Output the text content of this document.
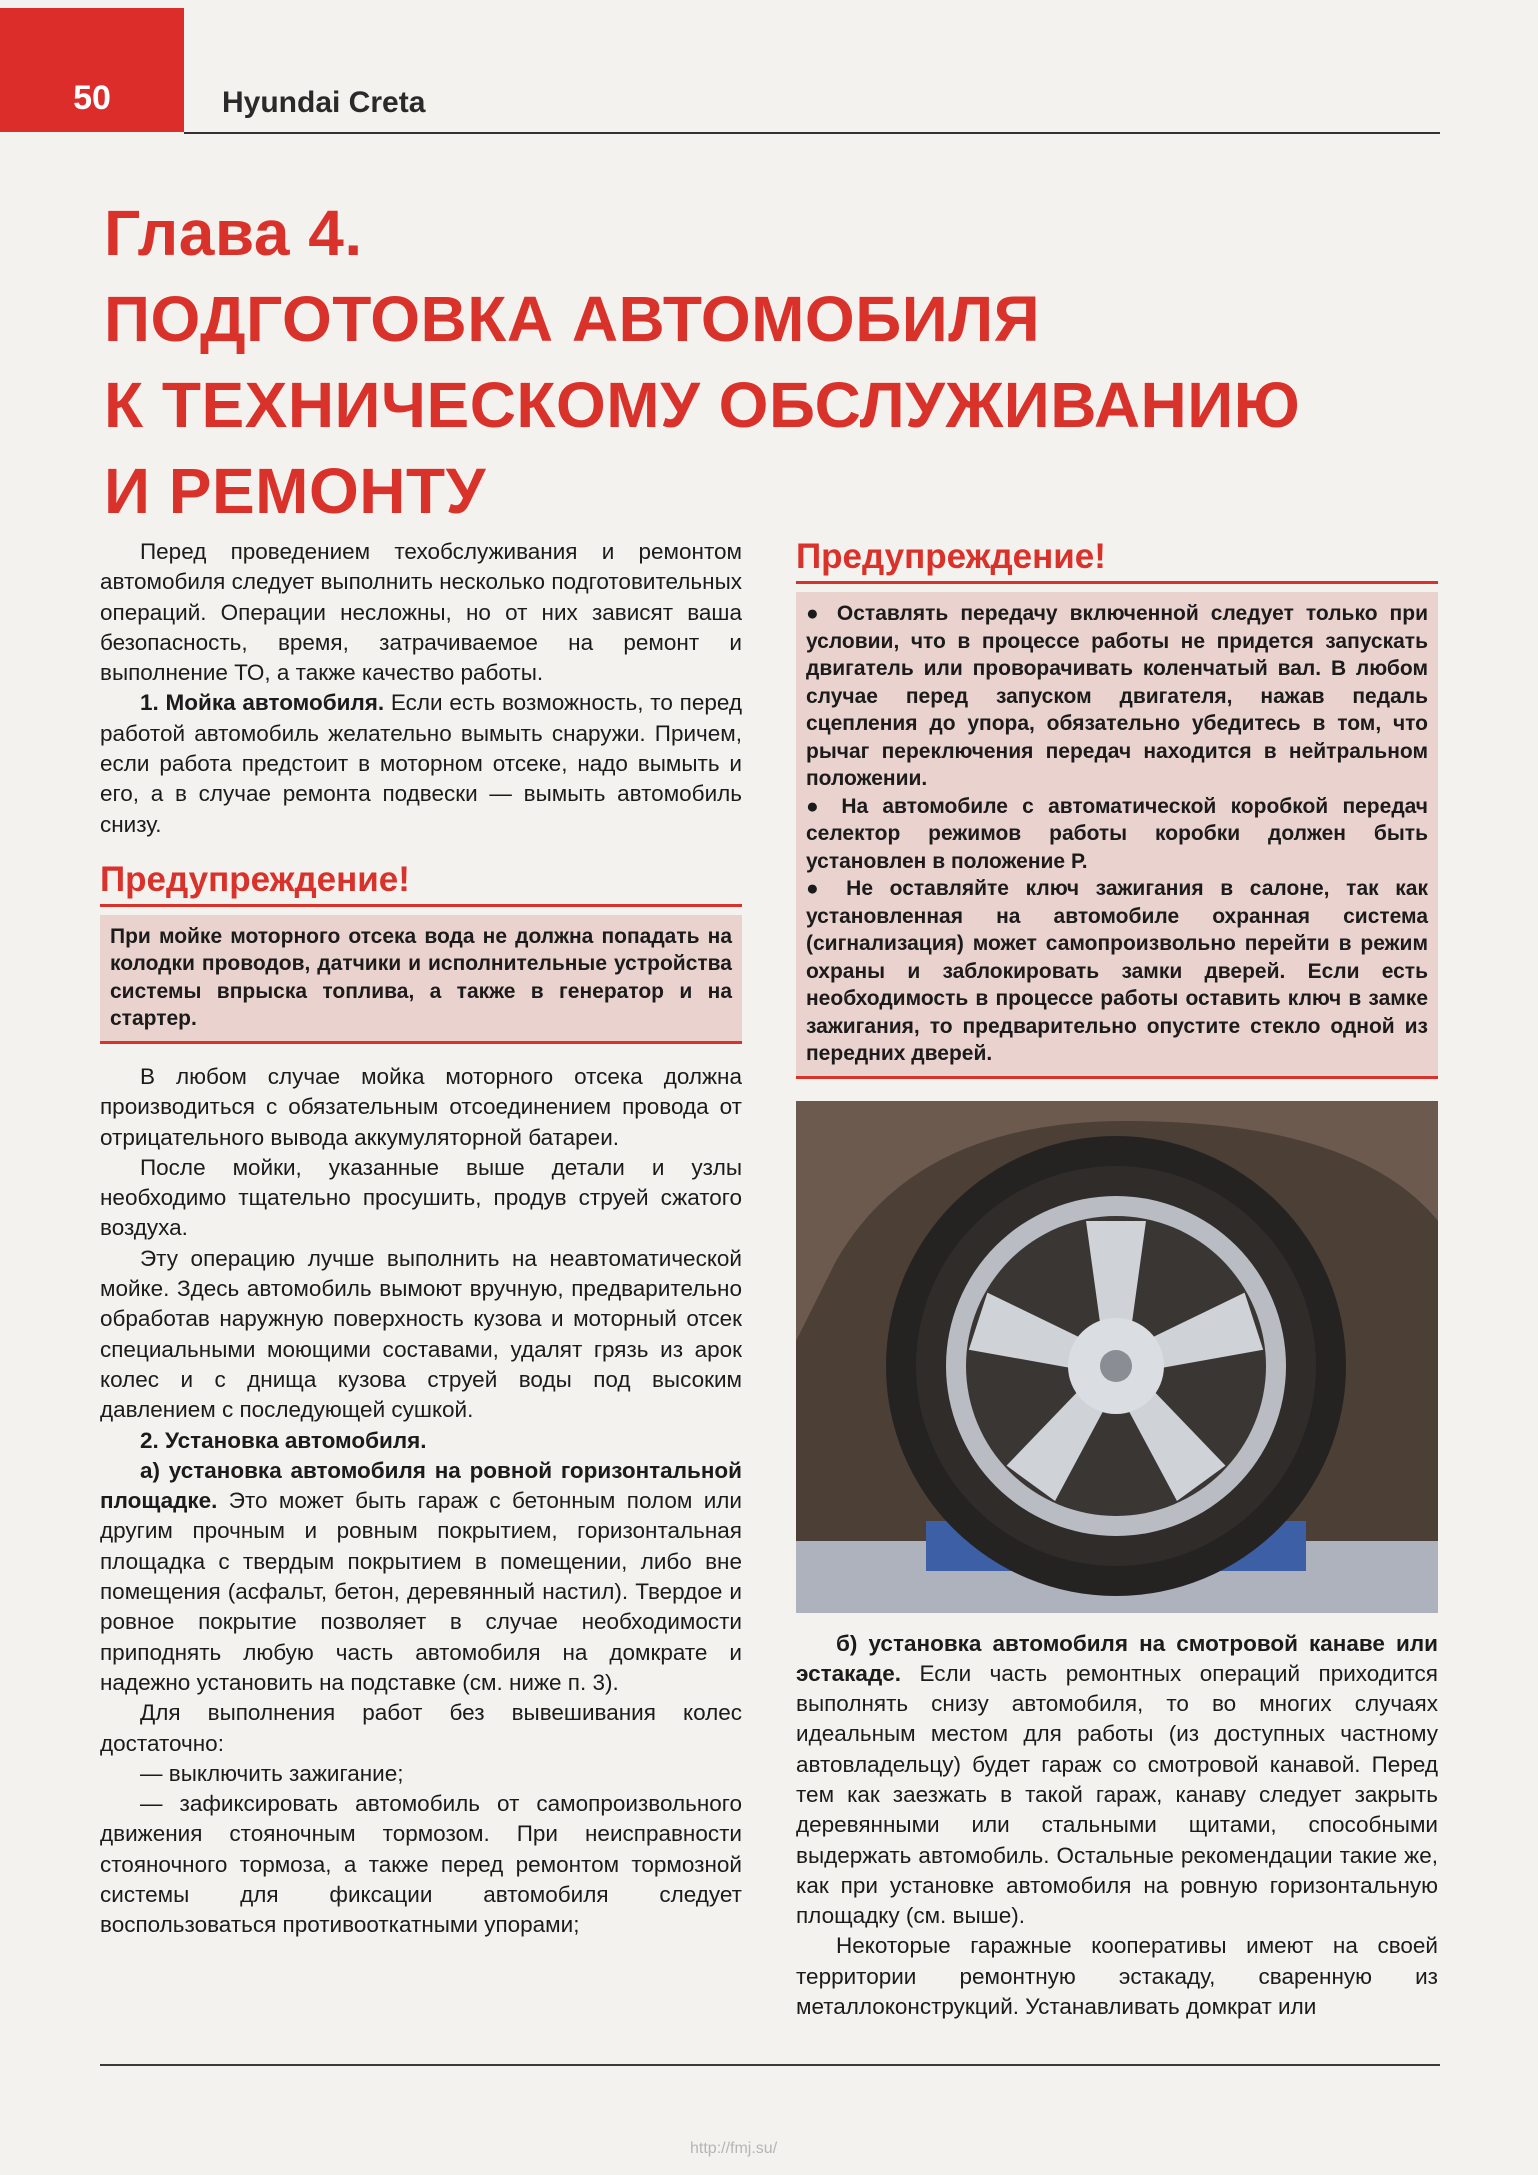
50	Hyundai Creta
Глава 4.
ПОДГОТОВКА АВТОМОБИЛЯ
К ТЕХНИЧЕСКОМУ ОБСЛУЖИВАНИЮ
И РЕМОНТУ

Перед проведением техобслуживания и ремонтом автомобиля следует выполнить несколько подготовительных операций. Операции несложны, но от них зависят ваша безопасность, время, затрачиваемое на ремонт и выполнение ТО, а также качество работы.

1. Мойка автомобиля. Если есть возможность, то перед работой автомобиль желательно вымыть снаружи. Причем, если работа предстоит в моторном отсеке, надо вымыть и его, а в случае ремонта подвески — вымыть автомобиль снизу.

Предупреждение!

При мойке моторного отсека вода не должна попадать на колодки проводов, датчики и исполнительные устройства системы впрыска топлива, а также в генератор и на стартер.

В любом случае мойка моторного отсека должна производиться с обязательным отсоединением провода от отрицательного вывода аккумуляторной батареи.

После мойки, указанные выше детали и узлы необходимо тщательно просушить, продув струей сжатого воздуха.

Эту операцию лучше выполнить на неавтоматической мойке. Здесь автомобиль вымоют вручную, предварительно обработав наружную поверхность кузова и моторный отсек специальными моющими составами, удалят грязь из арок колес и с днища кузова струей воды под высоким давлением с последующей сушкой.

2. Установка автомобиля.

а) установка автомобиля на ровной горизонтальной площадке. Это может быть гараж с бетонным полом или другим прочным и ровным покрытием, горизонтальная площадка с твердым покрытием в помещении, либо вне помещения (асфальт, бетон, деревянный настил). Твердое и ровное покрытие позволяет в случае необходимости приподнять любую часть автомобиля на домкрате и надежно установить на подставке (см. ниже п. 3).

Для выполнения работ без вывешивания колес достаточно:

— выключить зажигание;

— зафиксировать автомобиль от самопроизвольного движения стояночным тормозом. При неисправности стояночного тормоза, а также перед ремонтом тормозной системы для фиксации автомобиля следует воспользоваться противооткатными упорами;

Предупреждение!

● Оставлять передачу включенной следует только при условии, что в процессе работы не придется запускать двигатель или проворачивать коленчатый вал. В любом случае перед запуском двигателя, нажав педаль сцепления до упора, обязательно убедитесь в том, что рычаг переключения передач находится в нейтральном положении.

● На автомобиле с автоматической коробкой передач селектор режимов работы коробки должен быть установлен в положение Р.

● Не оставляйте ключ зажигания в салоне, так как установленная на автомобиле охранная система (сигнализация) может самопроизвольно перейти в режим охраны и заблокировать замки дверей. Если есть необходимость в процессе работы оставить ключ в замке зажигания, то предварительно опустите стекло одной из передних дверей.

б) установка автомобиля на смотровой канаве или эстакаде. Если часть ремонтных операций приходится выполнять снизу автомобиля, то во многих случаях идеальным местом для работы (из доступных частному автовладельцу) будет гараж со смотровой канавой. Перед тем как заезжать в такой гараж, канаву следует закрыть деревянными или стальными щитами, способными выдержать автомобиль. Остальные рекомендации такие же, как при установке автомобиля на ровную горизонтальную площадку (см. выше).

Некоторые гаражные кооперативы имеют на своей территории ремонтную эстакаду, сваренную из металлоконструкций. Устанавливать домкрат или

http://fmj.su/
